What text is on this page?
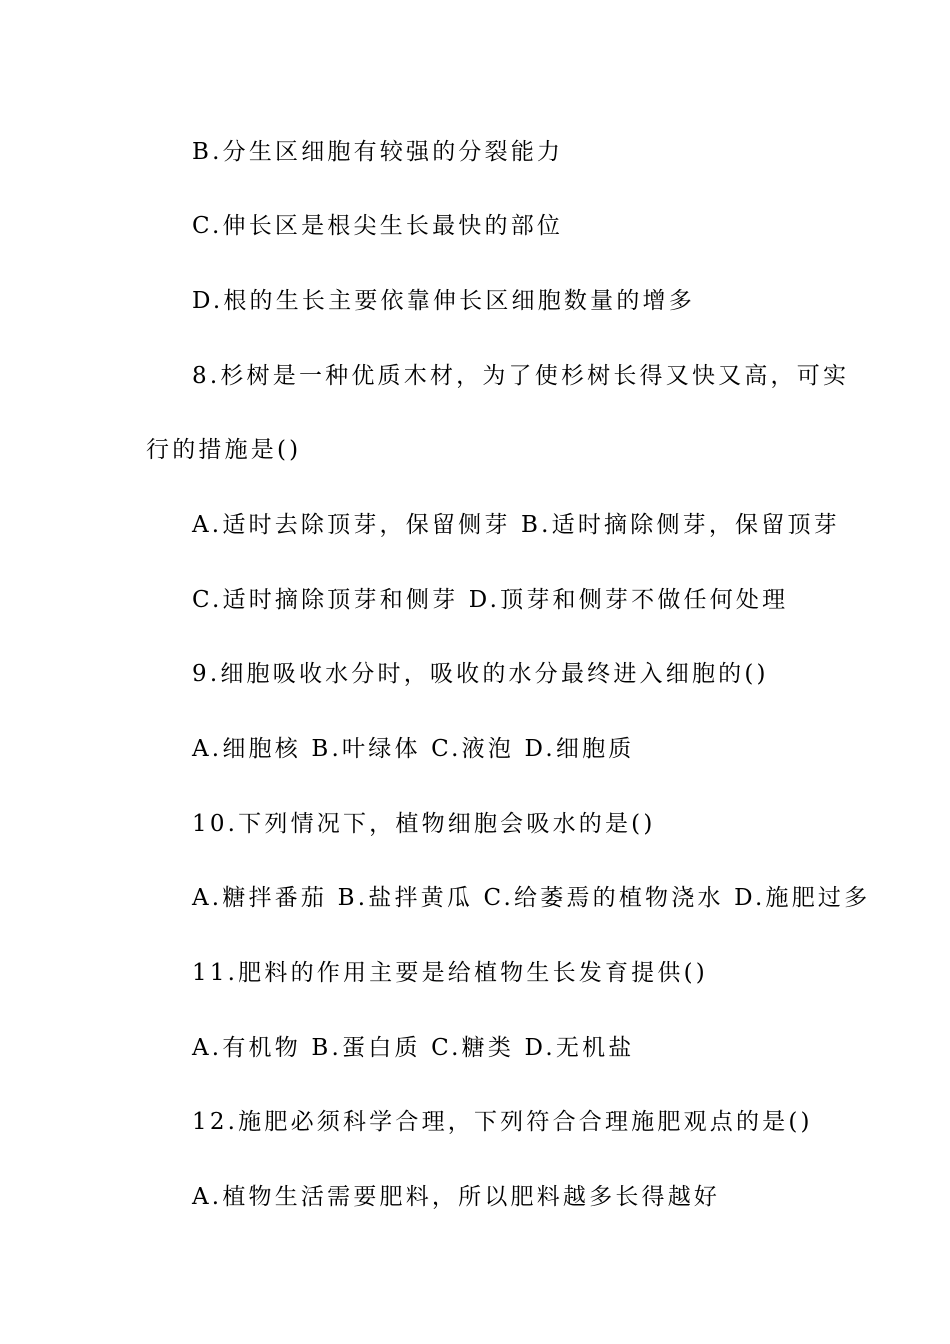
B.分生区细胞有较强的分裂能力
C.伸长区是根尖生长最快的部位
D.根的生长主要依靠伸长区细胞数量的增多
8.杉树是一种优质木材，为了使杉树长得又快又高，可实
行的措施是()
A.适时去除顶芽，保留侧芽 B.适时摘除侧芽，保留顶芽
C.适时摘除顶芽和侧芽 D.顶芽和侧芽不做任何处理
9.细胞吸收水分时，吸收的水分最终进入细胞的()
A.细胞核 B.叶绿体 C.液泡 D.细胞质
10.下列情况下，植物细胞会吸水的是()
A.糖拌番茄 B.盐拌黄瓜 C.给萎焉的植物浇水 D.施肥过多
11.肥料的作用主要是给植物生长发育提供()
A.有机物 B.蛋白质 C.糖类 D.无机盐
12.施肥必须科学合理，下列符合合理施肥观点的是()
A.植物生活需要肥料，所以肥料越多长得越好
